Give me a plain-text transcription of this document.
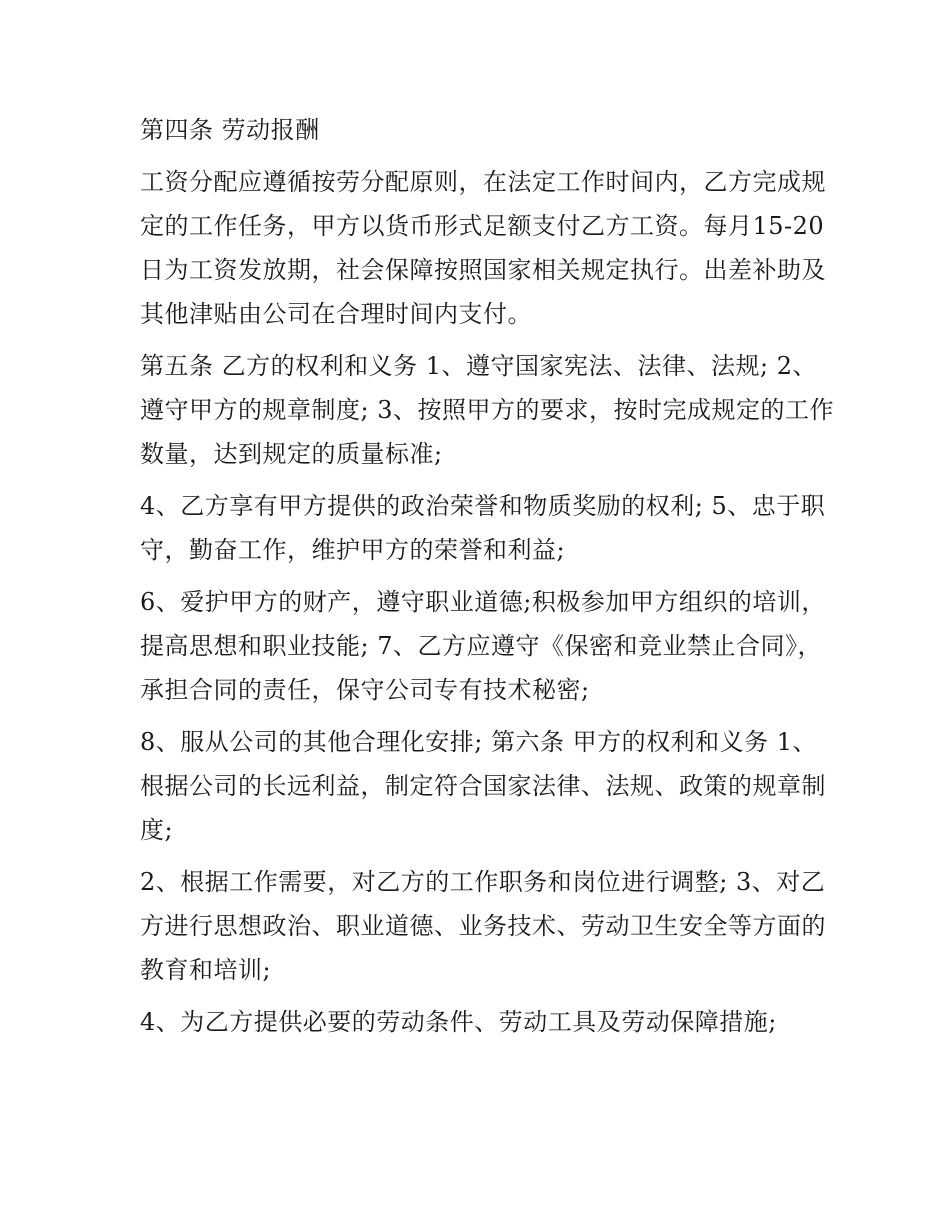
第四条 劳动报酬

工资分配应遵循按劳分配原则，在法定工作时间内，乙方完成规定的工作任务，甲方以货币形式足额支付乙方工资。每月15-20 日为工资发放期，社会保障按照国家相关规定执行。出差补助及其他津贴由公司在合理时间内支付。

第五条 乙方的权利和义务 1、遵守国家宪法、法律、法规; 2、遵守甲方的规章制度; 3、按照甲方的要求，按时完成规定的工作数量，达到规定的质量标准;

4、乙方享有甲方提供的政治荣誉和物质奖励的权利; 5、忠于职守，勤奋工作，维护甲方的荣誉和利益;

6、爱护甲方的财产，遵守职业道德;积极参加甲方组织的培训，提高思想和职业技能; 7、乙方应遵守《保密和竞业禁止合同》，承担合同的责任，保守公司专有技术秘密;

8、服从公司的其他合理化安排; 第六条 甲方的权利和义务 1、根据公司的长远利益，制定符合国家法律、法规、政策的规章制度;

2、根据工作需要，对乙方的工作职务和岗位进行调整; 3、对乙方进行思想政治、职业道德、业务技术、劳动卫生安全等方面的教育和培训;

4、为乙方提供必要的劳动条件、劳动工具及劳动保障措施;
